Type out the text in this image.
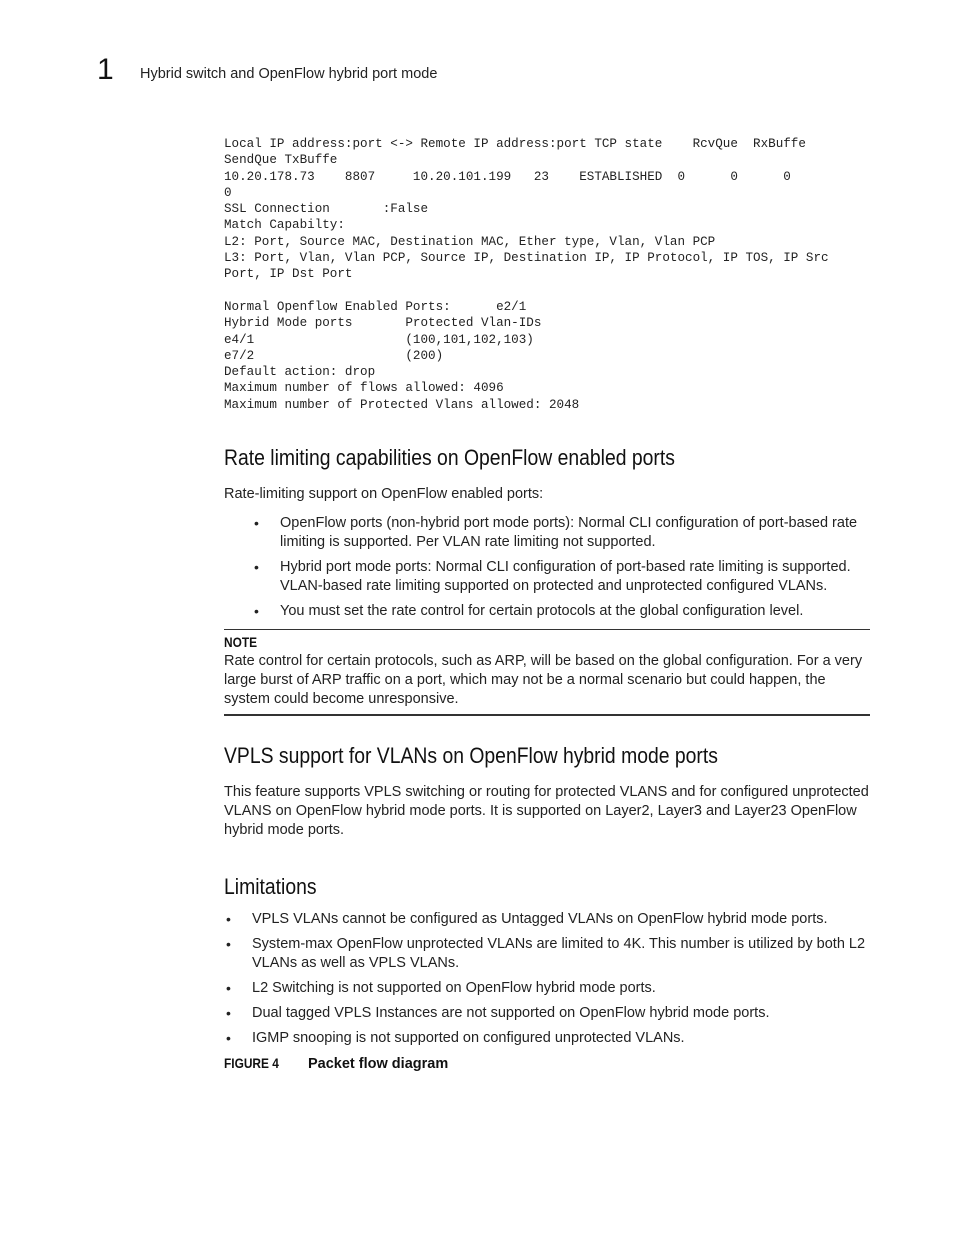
1 Hybrid switch and OpenFlow hybrid port mode
Local IP address:port <-> Remote IP address:port TCP state    RcvQue  RxBuffe
SendQue TxBuffe
10.20.178.73    8807     10.20.101.199   23    ESTABLISHED  0      0      0
0
SSL Connection       :False
Match Capabilty:
L2: Port, Source MAC, Destination MAC, Ether type, Vlan, Vlan PCP
L3: Port, Vlan, Vlan PCP, Source IP, Destination IP, IP Protocol, IP TOS, IP Src
Port, IP Dst Port

Normal Openflow Enabled Ports:      e2/1
Hybrid Mode ports       Protected Vlan-IDs
e4/1                    (100,101,102,103)
e7/2                    (200)
Default action: drop
Maximum number of flows allowed: 4096
Maximum number of Protected Vlans allowed: 2048
Rate limiting capabilities on OpenFlow enabled ports

Rate-limiting support on OpenFlow enabled ports:

• OpenFlow ports (non-hybrid port mode ports): Normal CLI configuration of port-based rate limiting is supported. Per VLAN rate limiting not supported.
• Hybrid port mode ports: Normal CLI configuration of port-based rate limiting is supported. VLAN-based rate limiting supported on protected and unprotected configured VLANs.
• You must set the rate control for certain protocols at the global configuration level.
NOTE

Rate control for certain protocols, such as ARP, will be based on the global configuration. For a very large burst of ARP traffic on a port, which may not be a normal scenario but could happen, the system could become unresponsive.

VPLS support for VLANs on OpenFlow hybrid mode ports

This feature supports VPLS switching or routing for protected VLANS and for configured unprotected VLANS on OpenFlow hybrid mode ports. It is supported on Layer2, Layer3 and Layer23 OpenFlow hybrid mode ports.

Limitations
• VPLS VLANs cannot be configured as Untagged VLANs on OpenFlow hybrid mode ports.
• System-max OpenFlow unprotected VLANs are limited to 4K. This number is utilized by both L2 VLANs as well as VPLS VLANs.
• L2 Switching is not supported on OpenFlow hybrid mode ports.
• Dual tagged VPLS Instances are not supported on OpenFlow hybrid mode ports.
• IGMP snooping is not supported on configured unprotected VLANs.
FIGURE 4	Packet flow diagram
